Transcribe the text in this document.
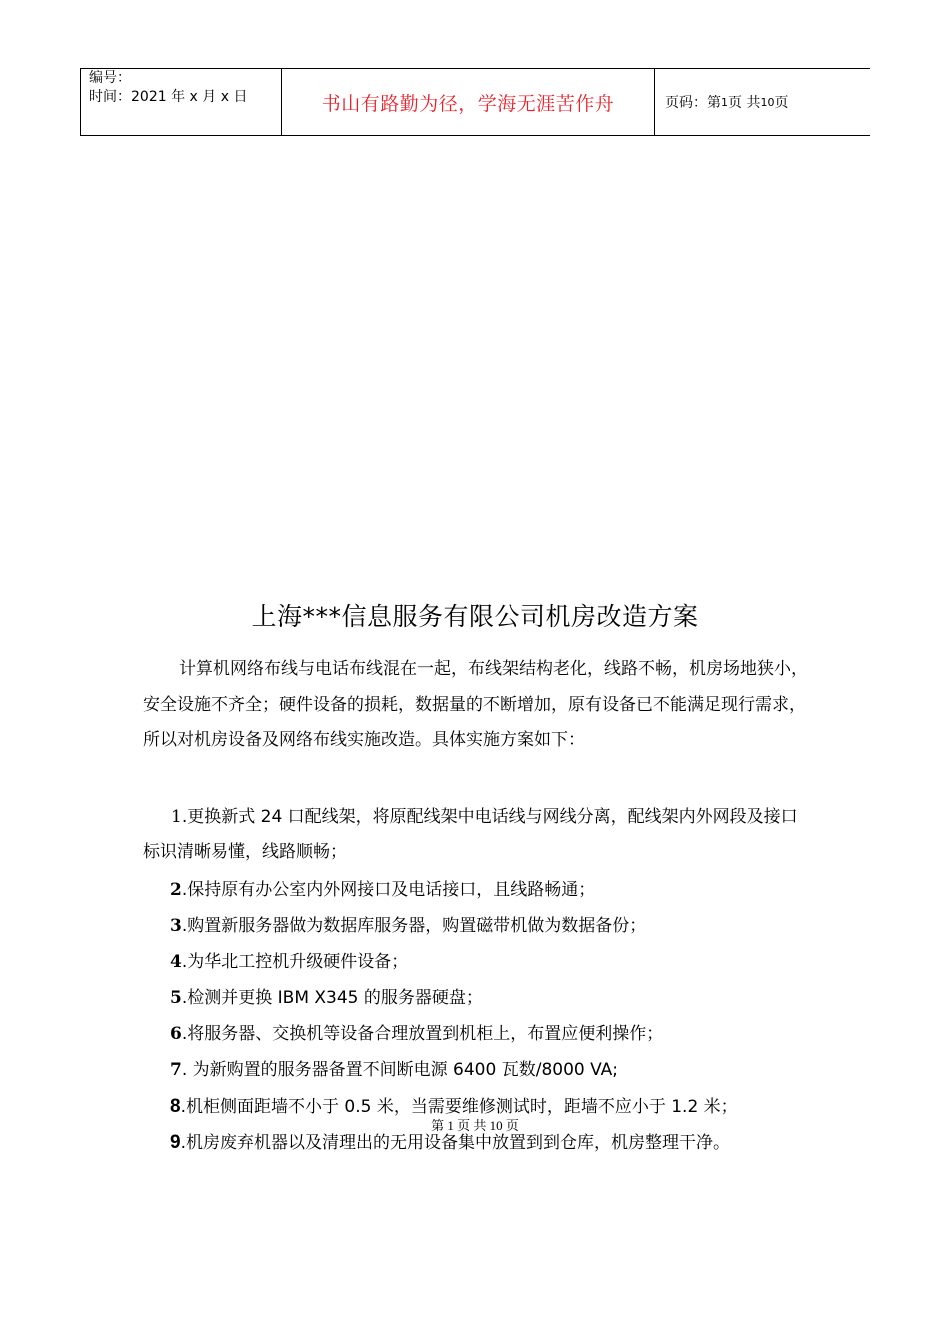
编号：
时间：2021 年 x 月 x 日	书山有路勤为径，学海无涯苦作舟	页码：第 1 页 共 10 页
上海***信息服务有限公司机房改造方案
计算机网络布线与电话布线混在一起，布线架结构老化，线路不畅，机房场地狭小，安全设施不齐全；硬件设备的损耗，数据量的不断增加，原有设备已不能满足现行需求，所以对机房设备及网络布线实施改造。具体实施方案如下：
1.更换新式 24 口配线架，将原配线架中电话线与网线分离，配线架内外网段及接口标识清晰易懂，线路顺畅；
2.保持原有办公室内外网接口及电话接口，且线路畅通；
3.购置新服务器做为数据库服务器，购置磁带机做为数据备份；
4.为华北工控机升级硬件设备；
5.检测并更换 IBM X345 的服务器硬盘；
6.将服务器、交换机等设备合理放置到机柜上，布置应便利操作；
7. 为新购置的服务器备置不间断电源 6400 瓦数/8000 VA;
8.机柜侧面距墙不小于 0.5 米，当需要维修测试时，距墙不应小于 1.2 米；
9.机房废弃机器以及清理出的无用设备集中放置到到仓库，机房整理干净。
第 1 页 共 10 页
